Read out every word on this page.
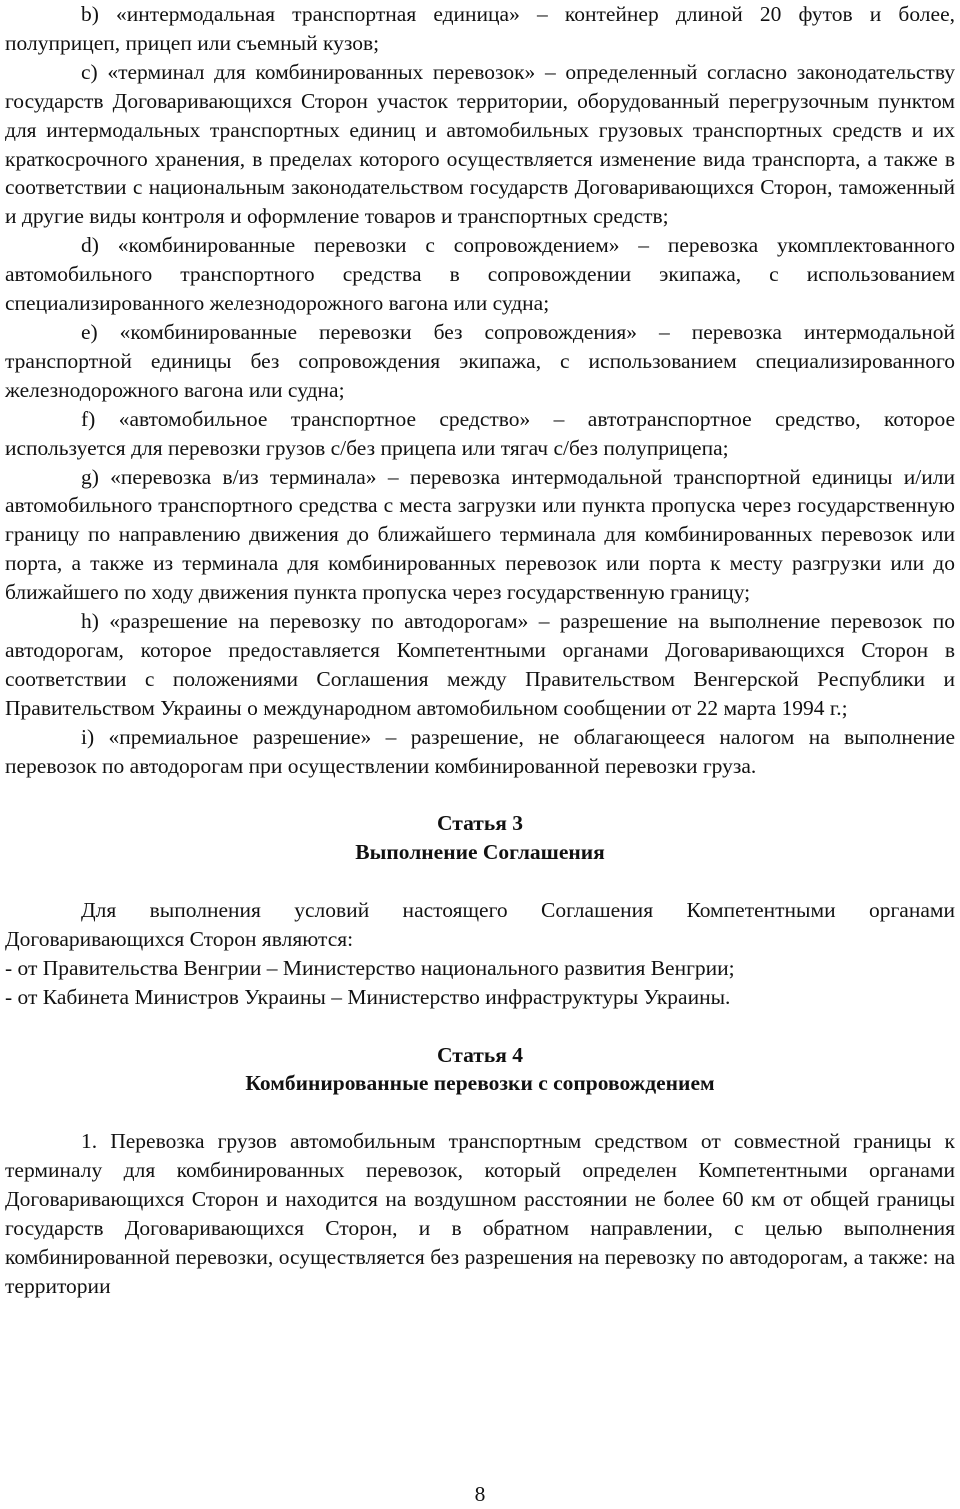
b) «интермодальная транспортная единица» – контейнер длиной 20 футов и более, полуприцеп, прицеп или съемный кузов;

c) «терминал для комбинированных перевозок» – определенный согласно законодательству государств Договаривающихся Сторон участок территории, оборудованный перегрузочным пунктом для интермодальных транспортных единиц и автомобильных грузовых транспортных средств и их краткосрочного хранения, в пределах которого осуществляется изменение вида транспорта, а также в соответствии с национальным законодательством государств Договаривающихся Сторон, таможенный и другие виды контроля и оформление товаров и транспортных средств;

d) «комбинированные перевозки с сопровождением» – перевозка укомплектованного автомобильного транспортного средства в сопровождении экипажа, с использованием специализированного железнодорожного вагона или судна;

e) «комбинированные перевозки без сопровождения» – перевозка интермодальной транспортной единицы без сопровождения экипажа, с использованием специализированного железнодорожного вагона или судна;

f) «автомобильное транспортное средство» – автотранспортное средство, которое используется для перевозки грузов с/без прицепа или тягач с/без полуприцепа;

g) «перевозка в/из терминала» – перевозка интермодальной транспортной единицы и/или автомобильного транспортного средства с места загрузки или пункта пропуска через государственную границу по направлению движения до ближайшего терминала для комбинированных перевозок или порта, а также из терминала для комбинированных перевозок или порта к месту разгрузки или до ближайшего по ходу движения пункта пропуска через государственную границу;

h) «разрешение на перевозку по автодорогам» – разрешение на выполнение перевозок по автодорогам, которое предоставляется Компетентными органами Договаривающихся Сторон в соответствии с положениями Соглашения между Правительством Венгерской Республики и Правительством Украины о международном автомобильном сообщении от 22 марта 1994 г.;

i) «премиальное разрешение» – разрешение, не облагающееся налогом на выполнение перевозок по автодорогам при осуществлении комбинированной перевозки груза.

Статья 3

Выполнение Соглашения

Для выполнения условий настоящего Соглашения Компетентными органами Договаривающихся Сторон являются:

- от Правительства Венгрии – Министерство национального развития Венгрии;

- от Кабинета Министров Украины – Министерство инфраструктуры Украины.

Статья 4

Комбинированные перевозки с сопровождением

1. Перевозка грузов автомобильным транспортным средством от совместной границы к терминалу для комбинированных перевозок, который определен Компетентными органами Договаривающихся Сторон и находится на воздушном расстоянии не более 60 км от общей границы государств Договаривающихся Сторон, и в обратном направлении, с целью выполнения комбинированной перевозки, осуществляется без разрешения на перевозку по автодорогам, а также: на территории

8
